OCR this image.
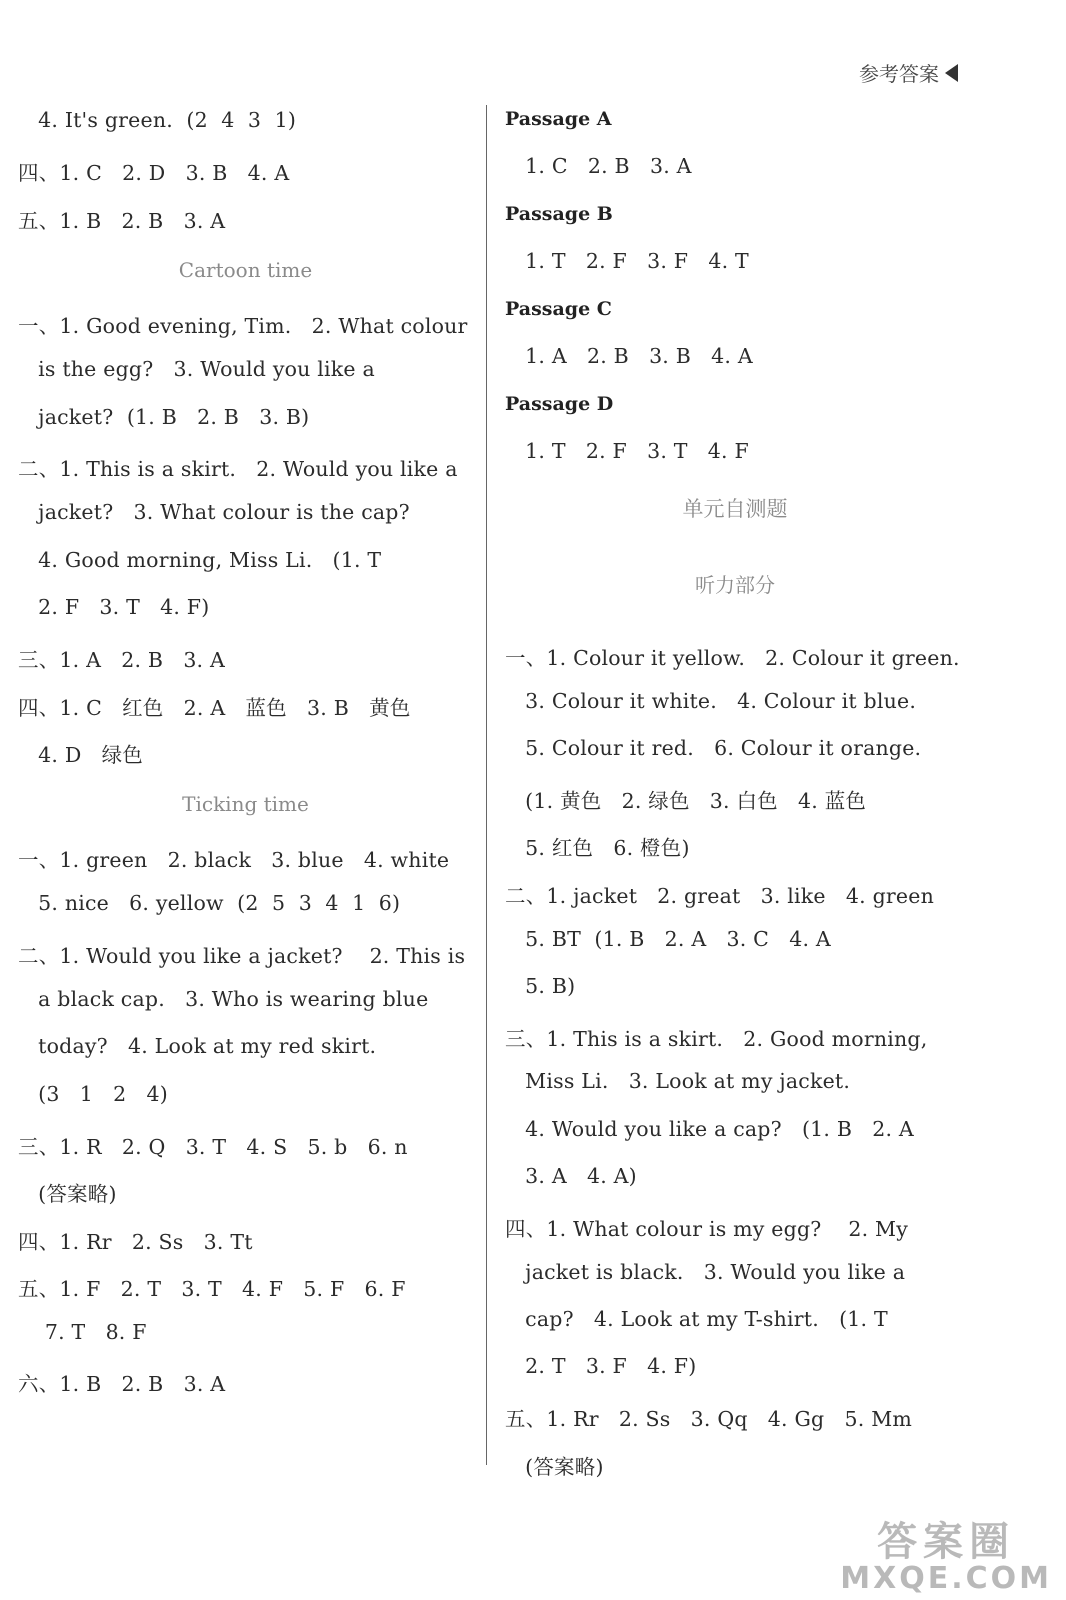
参考答案
4. It's green.  (2  4  3  1)
四、1. C   2. D   3. B   4. A
五、1. B   2. B   3. A
Cartoon time
一、1. Good evening, Tim.   2. What colour
is the egg?   3. Would you like a
jacket?  (1. B   2. B   3. B)
二、1. This is a skirt.   2. Would you like a
jacket?   3. What colour is the cap?
4. Good morning, Miss Li.   (1. T
2. F   3. T   4. F)
三、1. A   2. B   3. A
四、1. C   红色   2. A   蓝色   3. B   黄色
4. D   绿色
Ticking time
一、1. green   2. black   3. blue   4. white
5. nice   6. yellow  (2  5  3  4  1  6)
二、1. Would you like a jacket?    2. This is
a black cap.   3. Who is wearing blue
today?   4. Look at my red skirt.
(3   1   2   4)
三、1. R   2. Q   3. T   4. S   5. b   6. n
(答案略)
四、1. Rr   2. Ss   3. Tt
五、1. F   2. T   3. T   4. F   5. F   6. F
7. T   8. F
六、1. B   2. B   3. A
Passage A
1. C   2. B   3. A
Passage B
1. T   2. F   3. F   4. T
Passage C
1. A   2. B   3. B   4. A
Passage D
1. T   2. F   3. T   4. F
单元自测题
听力部分
一、1. Colour it yellow.   2. Colour it green.
3. Colour it white.   4. Colour it blue.
5. Colour it red.   6. Colour it orange.
(1. 黄色   2. 绿色   3. 白色   4. 蓝色
5. 红色   6. 橙色)
二、1. jacket   2. great   3. like   4. green
5. BT  (1. B   2. A   3. C   4. A
5. B)
三、1. This is a skirt.   2. Good morning,
Miss Li.   3. Look at my jacket.
4. Would you like a cap?   (1. B   2. A
3. A   4. A)
四、1. What colour is my egg?    2. My
jacket is black.   3. Would you like a
cap?   4. Look at my T-shirt.   (1. T
2. T   3. F   4. F)
五、1. Rr   2. Ss   3. Qq   4. Gg   5. Mm
(答案略)
答案圈
MXQE.COM
